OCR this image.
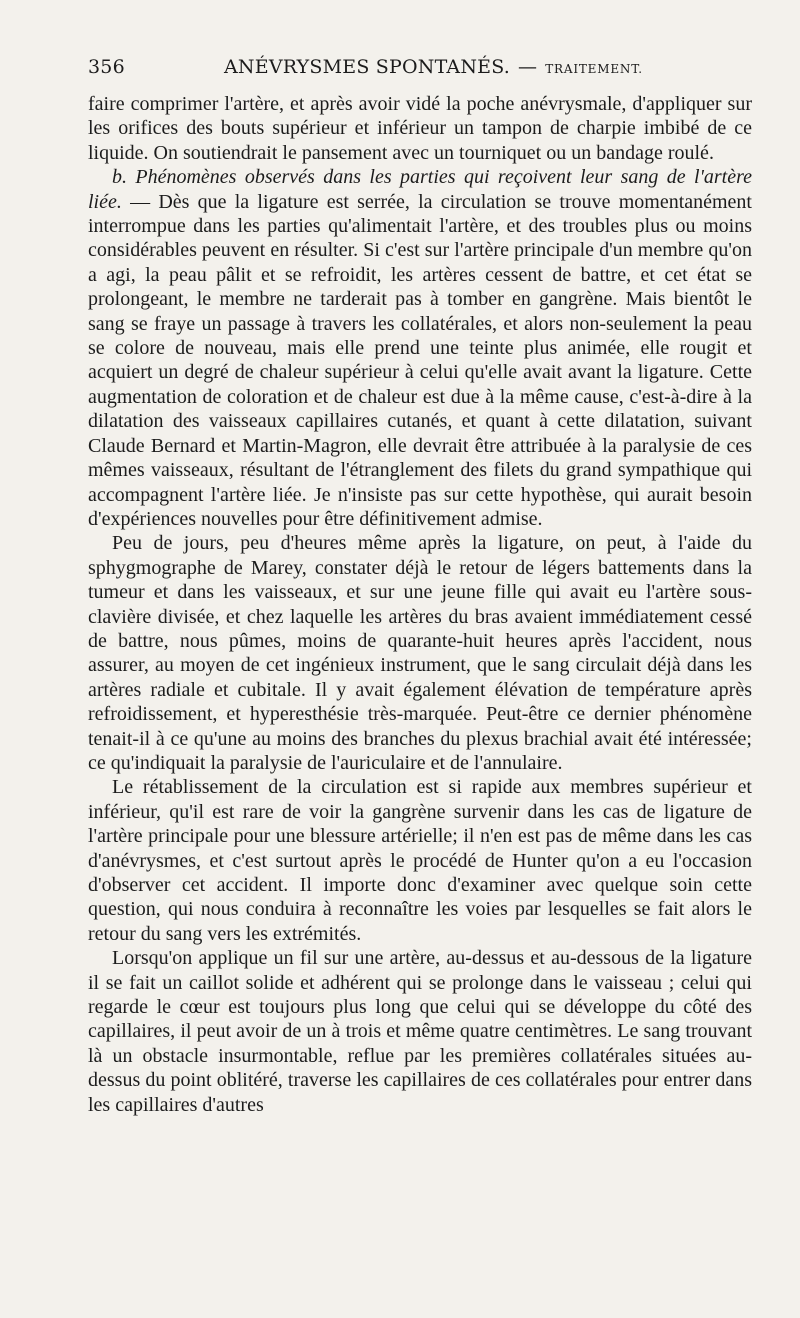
356	ANÉVRYSMES SPONTANÉS. — TRAITEMENT.

faire comprimer l'artère, et après avoir vidé la poche anévrysmale, d'appliquer sur les orifices des bouts supérieur et inférieur un tampon de charpie imbibé de ce liquide. On soutiendrait le pansement avec un tourniquet ou un bandage roulé.

b. Phénomènes observés dans les parties qui reçoivent leur sang de l'artère liée. — Dès que la ligature est serrée, la circulation se trouve momentanément interrompue dans les parties qu'alimentait l'artère, et des troubles plus ou moins considérables peuvent en résulter. Si c'est sur l'artère principale d'un membre qu'on a agi, la peau pâlit et se refroidit, les artères cessent de battre, et cet état se prolongeant, le membre ne tarderait pas à tomber en gangrène. Mais bientôt le sang se fraye un passage à travers les collatérales, et alors non-seulement la peau se colore de nouveau, mais elle prend une teinte plus animée, elle rougit et acquiert un degré de chaleur supérieur à celui qu'elle avait avant la ligature. Cette augmentation de coloration et de chaleur est due à la même cause, c'est-à-dire à la dilatation des vaisseaux capillaires cutanés, et quant à cette dilatation, suivant Claude Bernard et Martin-Magron, elle devrait être attribuée à la paralysie de ces mêmes vaisseaux, résultant de l'étranglement des filets du grand sympathique qui accompagnent l'artère liée. Je n'insiste pas sur cette hypothèse, qui aurait besoin d'expériences nouvelles pour être définitivement admise.

Peu de jours, peu d'heures même après la ligature, on peut, à l'aide du sphygmographe de Marey, constater déjà le retour de légers battements dans la tumeur et dans les vaisseaux, et sur une jeune fille qui avait eu l'artère sous-clavière divisée, et chez laquelle les artères du bras avaient immédiatement cessé de battre, nous pûmes, moins de quarante-huit heures après l'accident, nous assurer, au moyen de cet ingénieux instrument, que le sang circulait déjà dans les artères radiale et cubitale. Il y avait également élévation de température après refroidissement, et hyperesthésie très-marquée. Peut-être ce dernier phénomène tenait-il à ce qu'une au moins des branches du plexus brachial avait été intéressée; ce qu'indiquait la paralysie de l'auriculaire et de l'annulaire.

Le rétablissement de la circulation est si rapide aux membres supérieur et inférieur, qu'il est rare de voir la gangrène survenir dans les cas de ligature de l'artère principale pour une blessure artérielle; il n'en est pas de même dans les cas d'anévrysmes, et c'est surtout après le procédé de Hunter qu'on a eu l'occasion d'observer cet accident. Il importe donc d'examiner avec quelque soin cette question, qui nous conduira à reconnaître les voies par lesquelles se fait alors le retour du sang vers les extrémités.

Lorsqu'on applique un fil sur une artère, au-dessus et au-dessous de la ligature il se fait un caillot solide et adhérent qui se prolonge dans le vaisseau ; celui qui regarde le cœur est toujours plus long que celui qui se développe du côté des capillaires, il peut avoir de un à trois et même quatre centimètres. Le sang trouvant là un obstacle insurmontable, reflue par les premières collatérales situées au-dessus du point oblitéré, traverse les capillaires de ces collatérales pour entrer dans les capillaires d'autres
